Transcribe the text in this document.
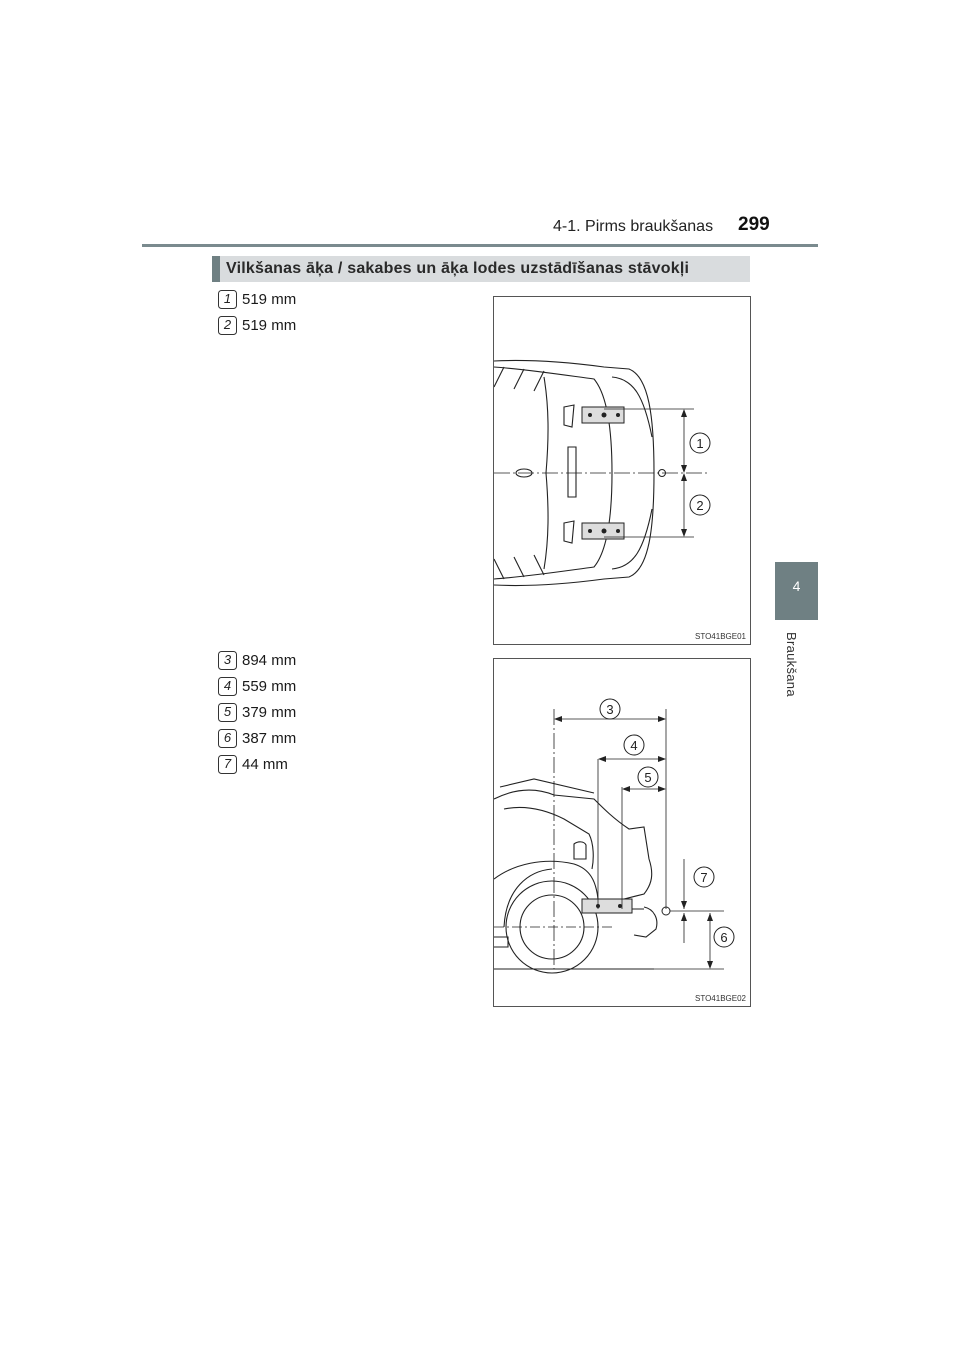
4-1. Pirms braukšanas 299
4
Braukšana
Vilkšanas āķa / sakabes un āķa lodes uzstādīšanas stāvokļi
1 519 mm
2 519 mm
3 894 mm
4 559 mm
5 379 mm
6 387 mm
7 44 mm
1
2
STO41BGE01
3
4
5
7
6
STO41BGE02
